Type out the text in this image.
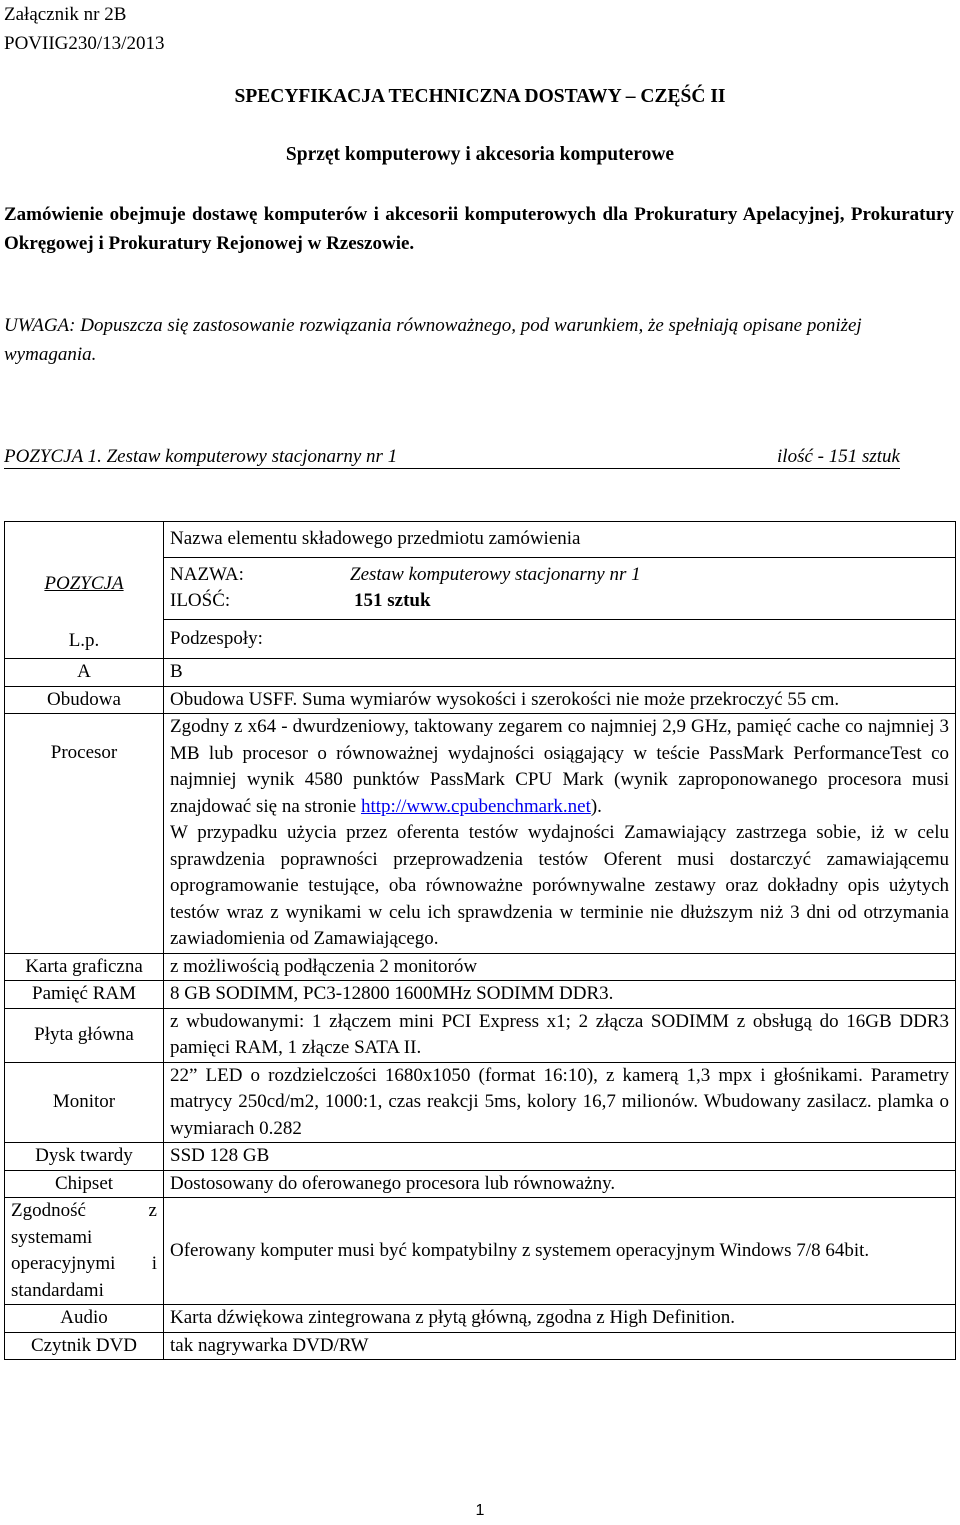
Załącznik nr 2B
POVIIG230/13/2013
SPECYFIKACJA TECHNICZNA DOSTAWY – CZĘŚĆ II
Sprzęt komputerowy i akcesoria komputerowe
Zamówienie obejmuje dostawę komputerów i akcesorii komputerowych dla Prokuratury Apelacyjnej, Prokuratury Okręgowej i Prokuratury Rejonowej w Rzeszowie.
UWAGA: Dopuszcza się zastosowanie rozwiązania równoważnego, pod warunkiem, że spełniają opisane poniżej wymagania.
POZYCJA 1. Zestaw komputerowy stacjonarny nr 1	ilość - 151 sztuk
POZYCJA
L.p.	Nazwa elementu składowego przedmiotu zamówienia

	NAZWA: Zestaw komputerowy stacjonarny nr 1
ILOŚĆ: 151 sztuk

	Podzespoły:
A	B
Obudowa	Obudowa USFF. Suma wymiarów wysokości i szerokości nie może przekroczyć 55 cm.
Procesor	Zgodny z x64 - dwurdzeniowy, taktowany zegarem co najmniej 2,9 GHz, pamięć cache co najmniej 3 MB lub procesor o równoważnej wydajności osiągający w teście PassMark PerformanceTest co najmniej wynik 4580 punktów PassMark CPU Mark (wynik zaproponowanego procesora musi znajdować się na stronie http://www.cpubenchmark.net).
W przypadku użycia przez oferenta testów wydajności Zamawiający zastrzega sobie, iż w celu sprawdzenia poprawności przeprowadzenia testów Oferent musi dostarczyć zamawiającemu oprogramowanie testujące, oba równoważne porównywalne zestawy oraz dokładny opis użytych testów wraz z wynikami w celu ich sprawdzenia w terminie nie dłuższym niż 3 dni od otrzymania zawiadomienia od Zamawiającego.
Karta graficzna	z możliwością podłączenia 2 monitorów
Pamięć RAM	8 GB SODIMM, PC3-12800 1600MHz SODIMM DDR3.
Płyta główna	z wbudowanymi: 1 złączem mini PCI Express x1; 2 złącza SODIMM z obsługą do 16GB DDR3 pamięci RAM, 1 złącze SATA II.
Monitor	22” LED o rozdzielczości 1680x1050 (format 16:10), z kamerą 1,3 mpx i głośnikami. Parametry matrycy 250cd/m2, 1000:1, czas reakcji 5ms, kolory 16,7 milionów. Wbudowany zasilacz. plamka o wymiarach 0.282
Dysk twardy	SSD 128 GB
Chipset	Dostosowany do oferowanego procesora lub równoważny.
Zgodność z systemami operacyjnymi i standardami	Oferowany komputer musi być kompatybilny z systemem operacyjnym Windows 7/8 64bit.
Audio	Karta dźwiękowa zintegrowana z płytą główną, zgodna z High Definition.
Czytnik DVD	tak nagrywarka DVD/RW
1
